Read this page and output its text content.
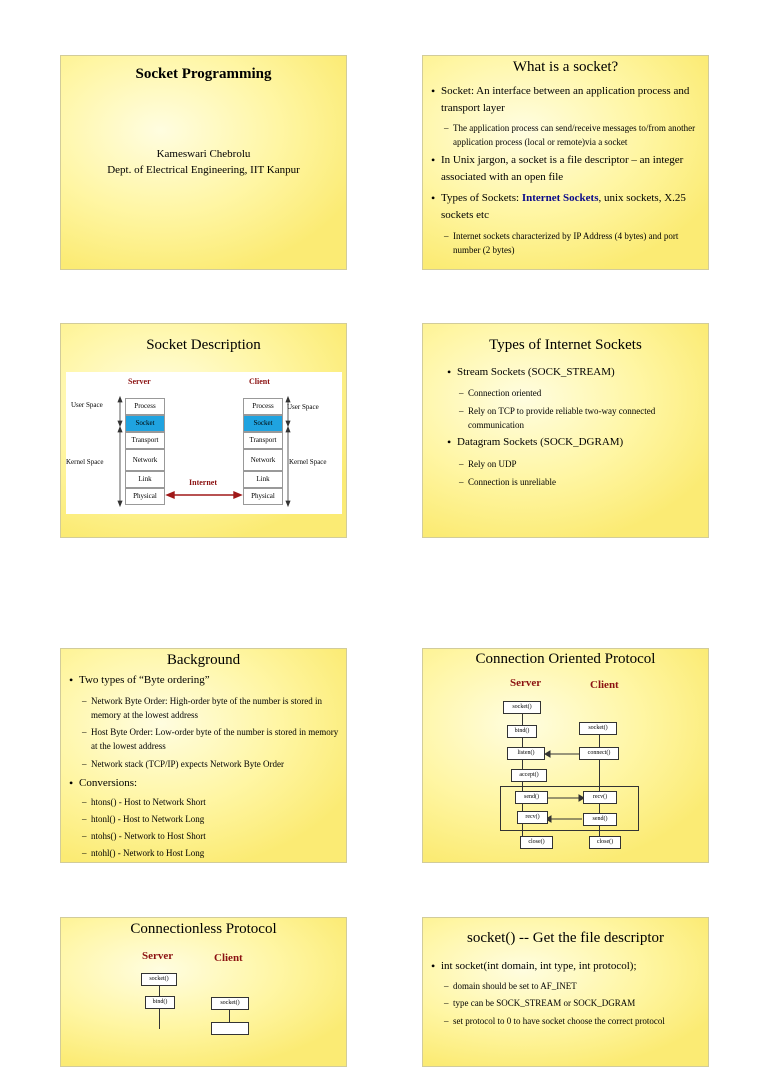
Socket Programming
Kameswari Chebrolu
Dept. of Electrical Engineering, IIT Kanpur
What is a socket?
• Socket: An interface between an application process and transport layer
– The application process can send/receive messages to/from another application process (local or remote)via a socket
• In Unix jargon, a socket is a file descriptor – an integer associated with an open file
• Types of Sockets: Internet Sockets, unix sockets, X.25 sockets etc
– Internet sockets characterized by IP Address (4 bytes) and port number (2 bytes)
Socket Description
Server	Client
Process
Socket
Transport
Network
Link
Physical
Process
Socket
Transport
Network
Link
Physical
User Space
Kernel Space
User Space
Kernel Space
Internet
Types of Internet Sockets
• Stream Sockets (SOCK_STREAM)
– Connection oriented
– Rely on TCP to provide reliable two-way connected communication
• Datagram Sockets (SOCK_DGRAM)
– Rely on UDP
– Connection is unreliable
Background
• Two types of “Byte ordering”
– Network Byte Order: High-order byte of the number is stored in memory at the lowest address
– Host Byte Order: Low-order byte of the number is stored in memory at the lowest address
– Network stack (TCP/IP) expects Network Byte Order
• Conversions:
– htons() - Host to Network Short
– htonl() - Host to Network Long
– ntohs() - Network to Host Short
– ntohl() - Network to Host Long
Connection Oriented Protocol
Server	Client
socket()
bind()
listen()
accept()
send()
recv()
close()
socket()
connect()
recv()
send()
close()
Connectionless Protocol
Server	Client
socket()
bind()	socket()
socket() -- Get the file descriptor
• int socket(int domain, int type, int protocol);
– domain should be set to AF_INET
– type can be SOCK_STREAM or SOCK_DGRAM
– set protocol to 0 to have socket choose the correct protocol
